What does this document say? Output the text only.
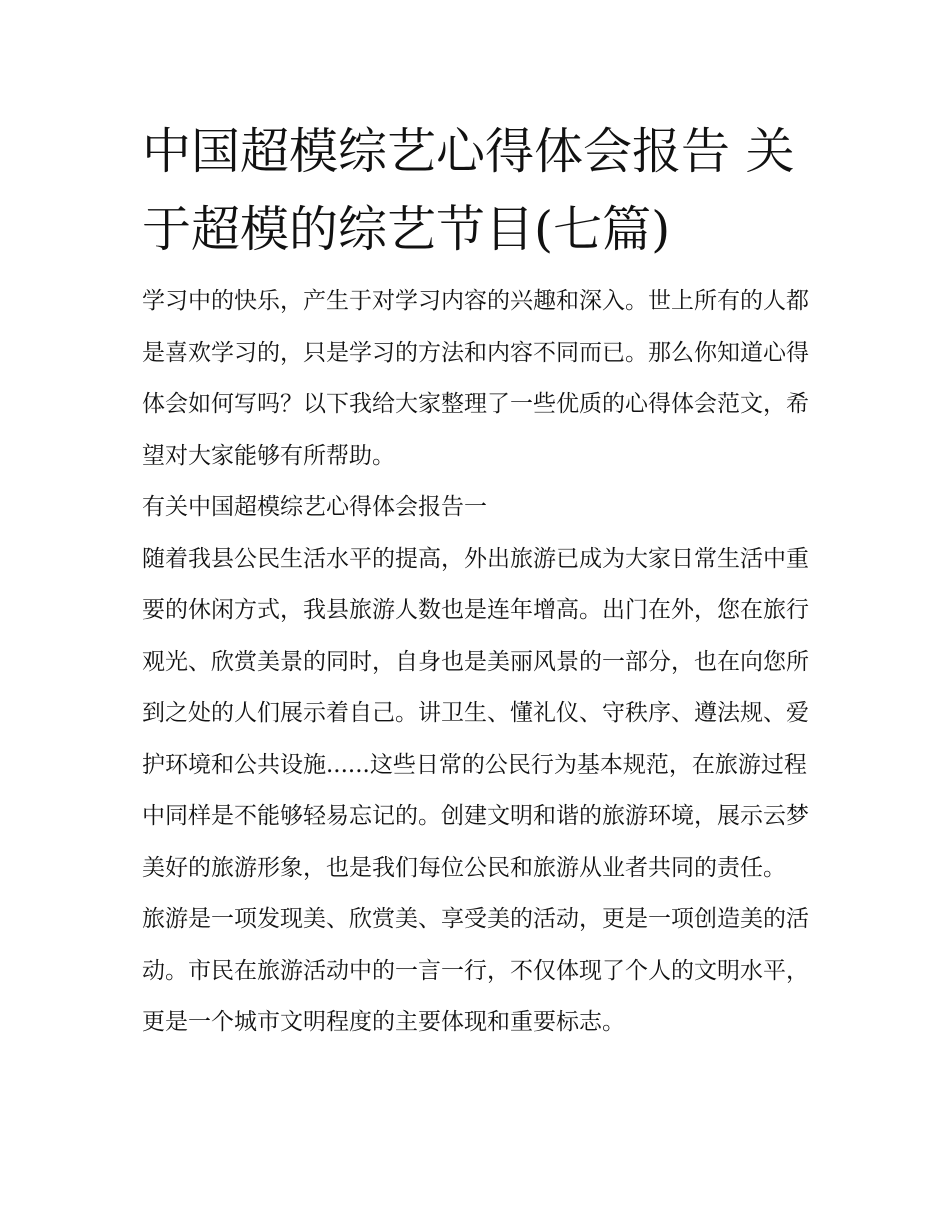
中国超模综艺心得体会报告 关于超模的综艺节目(七篇)

学习中的快乐，产生于对学习内容的兴趣和深入。世上所有的人都是喜欢学习的，只是学习的方法和内容不同而已。那么你知道心得体会如何写吗？以下我给大家整理了一些优质的心得体会范文，希望对大家能够有所帮助。

有关中国超模综艺心得体会报告一

随着我县公民生活水平的提高，外出旅游已成为大家日常生活中重要的休闲方式，我县旅游人数也是连年增高。出门在外，您在旅行观光、欣赏美景的同时，自身也是美丽风景的一部分，也在向您所到之处的人们展示着自己。讲卫生、懂礼仪、守秩序、遵法规、爱护环境和公共设施......这些日常的公民行为基本规范，在旅游过程中同样是不能够轻易忘记的。创建文明和谐的旅游环境，展示云梦美好的旅游形象，也是我们每位公民和旅游从业者共同的责任。

旅游是一项发现美、欣赏美、享受美的活动，更是一项创造美的活动。市民在旅游活动中的一言一行，不仅体现了个人的文明水平，更是一个城市文明程度的主要体现和重要标志。
